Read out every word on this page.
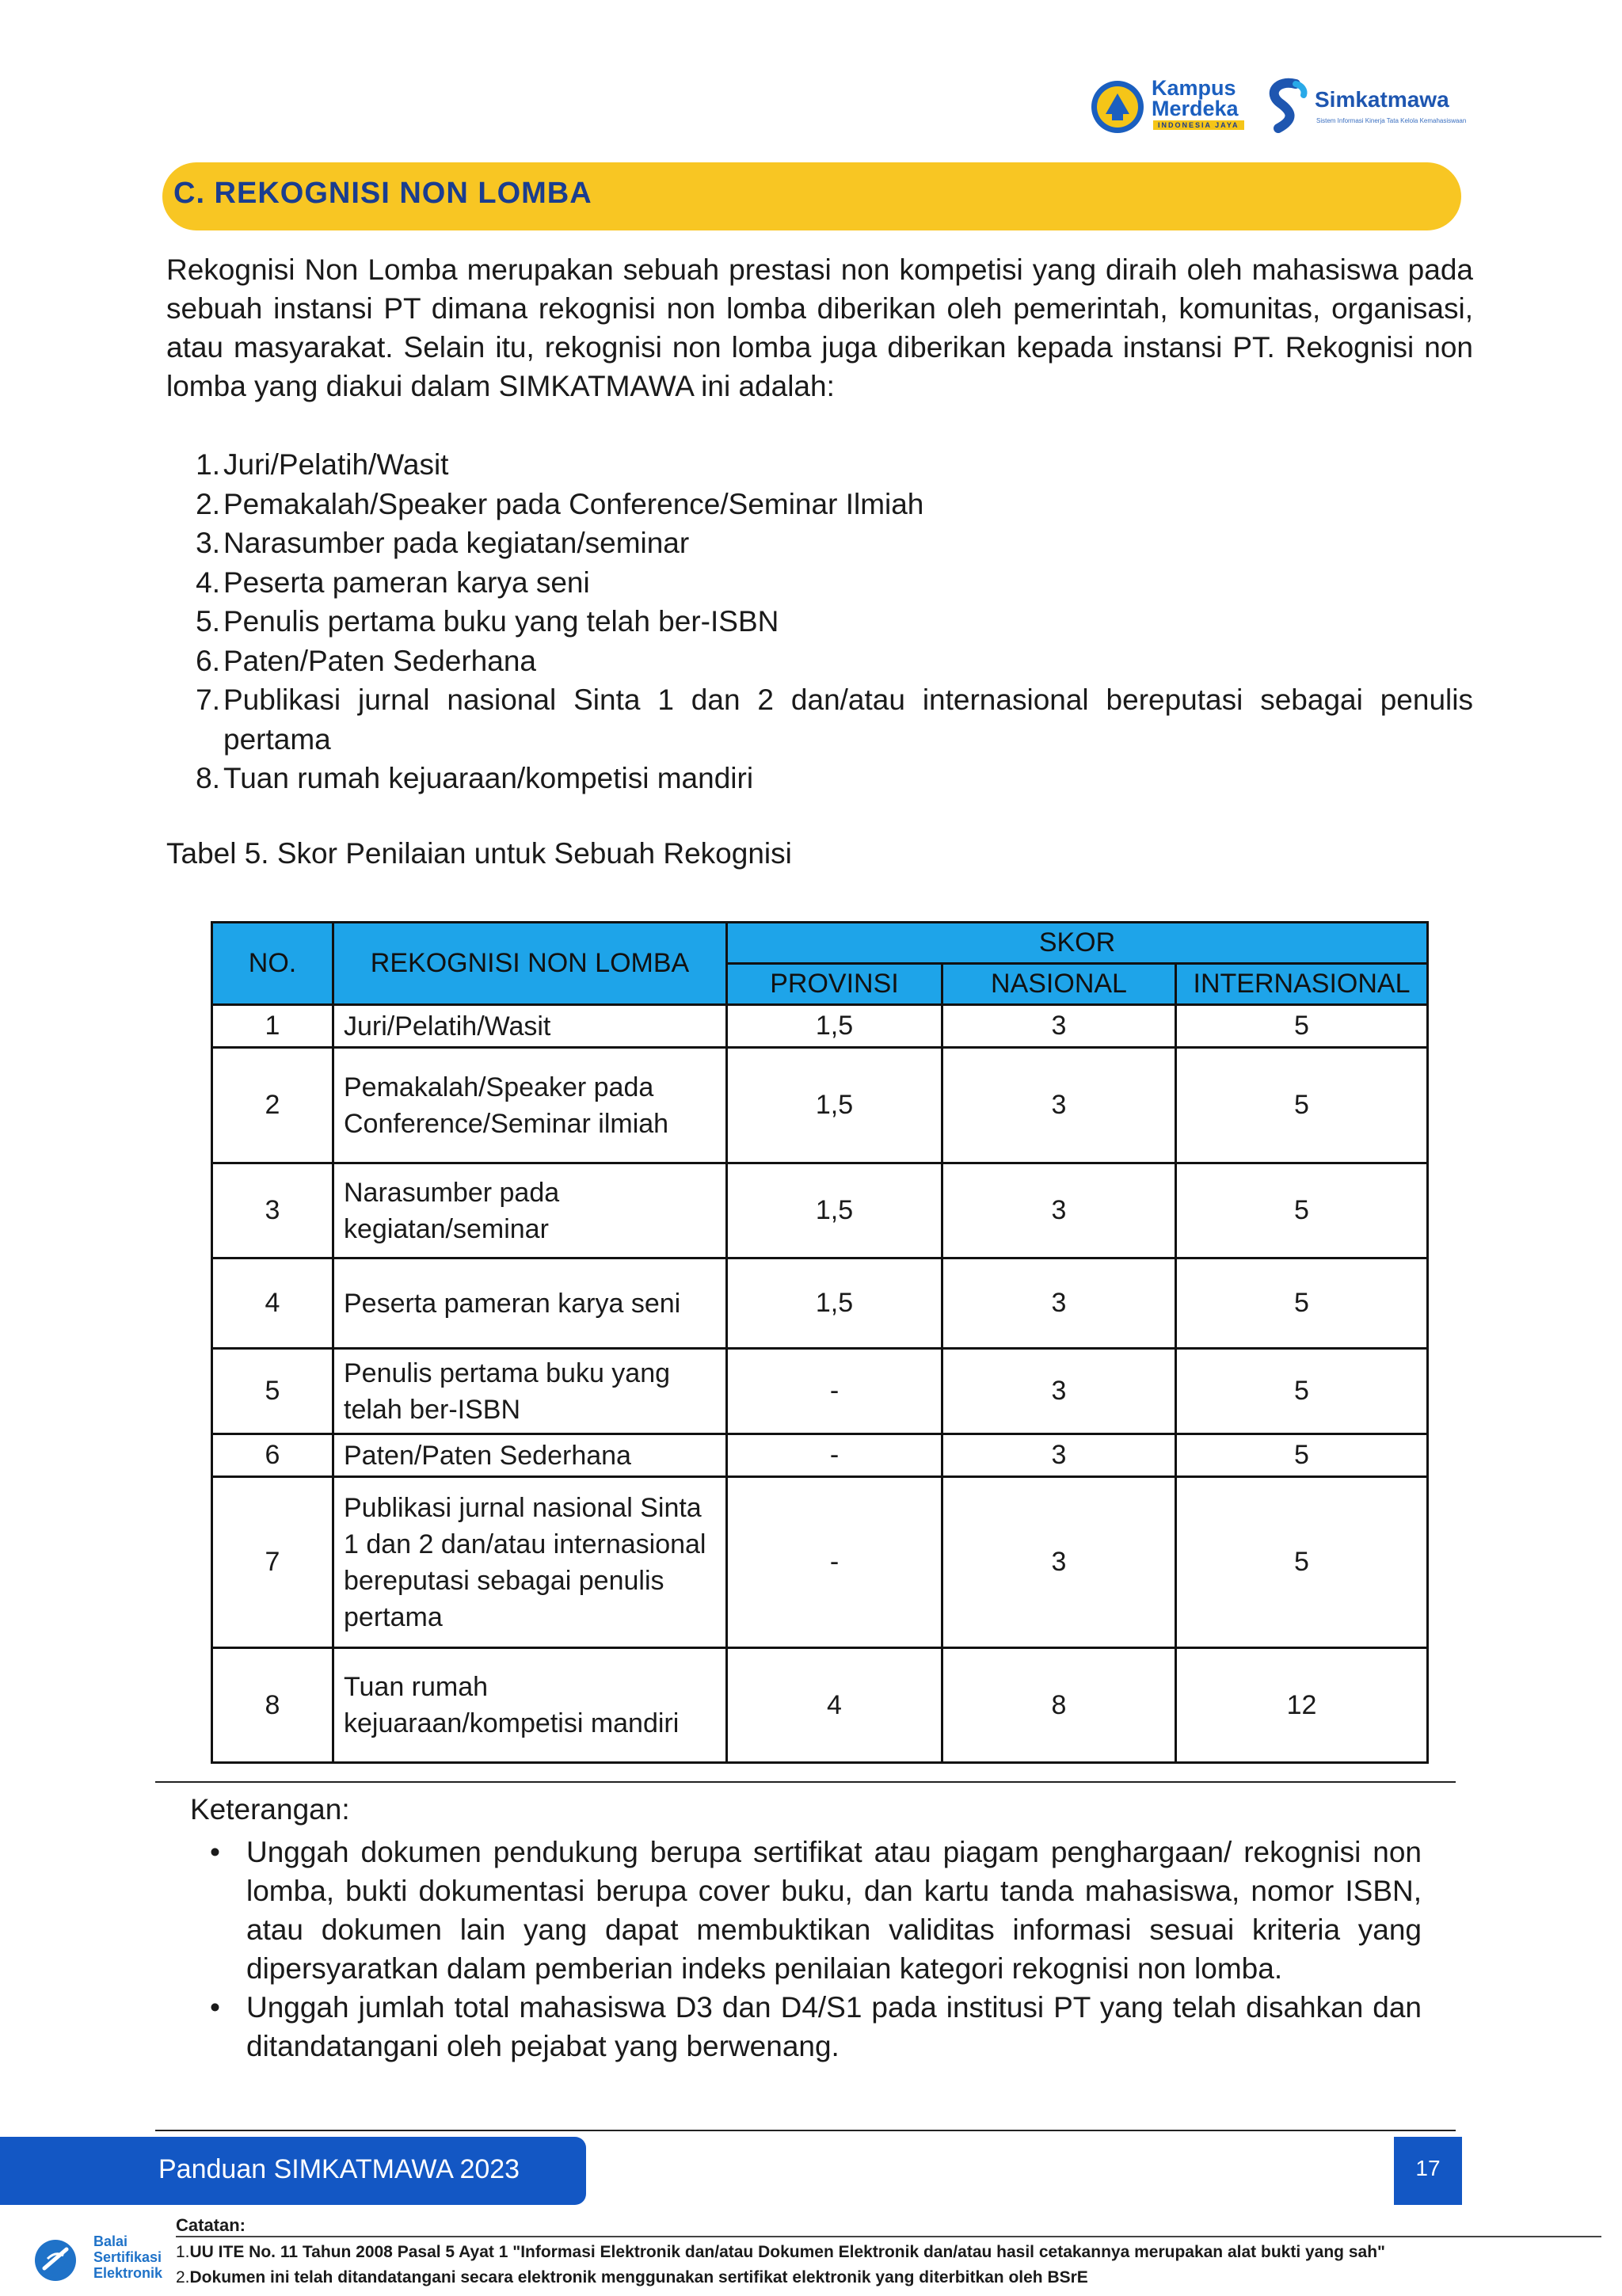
Kampus
Merdeka
INDONESIA JAYA
Simkatmawa
Sistem Informasi Kinerja Tata Kelola Kemahasiswaan
C. REKOGNISI NON LOMBA
Rekognisi Non Lomba merupakan sebuah prestasi non kompetisi yang diraih oleh mahasiswa pada sebuah instansi PT dimana rekognisi non lomba diberikan oleh pemerintah, komunitas, organisasi, atau masyarakat. Selain itu, rekognisi non lomba juga diberikan kepada instansi PT. Rekognisi non lomba yang diakui dalam SIMKATMAWA ini adalah:
1. Juri/Pelatih/Wasit
2. Pemakalah/Speaker pada Conference/Seminar Ilmiah
3. Narasumber pada kegiatan/seminar
4. Peserta pameran karya seni
5. Penulis pertama buku yang telah ber-ISBN
6. Paten/Paten Sederhana
7. Publikasi jurnal nasional Sinta 1 dan 2 dan/atau internasional bereputasi sebagai penulis pertama
8. Tuan rumah kejuaraan/kompetisi mandiri
Tabel 5. Skor Penilaian untuk Sebuah Rekognisi
NO.	REKOGNISI NON LOMBA	SKOR		
		PROVINSI	NASIONAL	INTERNASIONAL
1	Juri/Pelatih/Wasit	1,5	3	5
2	Pemakalah/Speaker pada Conference/Seminar ilmiah	1,5	3	5
3	Narasumber pada kegiatan/seminar	1,5	3	5
4	Peserta pameran karya seni	1,5	3	5
5	Penulis pertama buku yang telah ber-ISBN	-	3	5
6	Paten/Paten Sederhana	-	3	5
7	Publikasi jurnal nasional Sinta 1 dan 2 dan/atau internasional bereputasi sebagai penulis pertama	-	3	5
8	Tuan rumah kejuaraan/kompetisi mandiri	4	8	12
Keterangan:
• Unggah dokumen pendukung berupa sertifikat atau piagam penghargaan/ rekognisi non lomba, bukti dokumentasi berupa cover buku, dan kartu tanda mahasiswa, nomor ISBN, atau dokumen lain yang dapat membuktikan validitas informasi sesuai kriteria yang dipersyaratkan dalam pemberian indeks penilaian kategori rekognisi non lomba.
• Unggah jumlah total mahasiswa D3 dan D4/S1 pada institusi PT yang telah disahkan dan ditandatangani oleh pejabat yang berwenang.
Panduan SIMKATMAWA 2023	17
Balai
Sertifikasi
Elektronik
Catatan:
1.UU ITE No. 11 Tahun 2008 Pasal 5 Ayat 1 "Informasi Elektronik dan/atau Dokumen Elektronik dan/atau hasil cetakannya merupakan alat bukti yang sah"
2.Dokumen ini telah ditandatangani secara elektronik menggunakan sertifikat elektronik yang diterbitkan oleh BSrE
